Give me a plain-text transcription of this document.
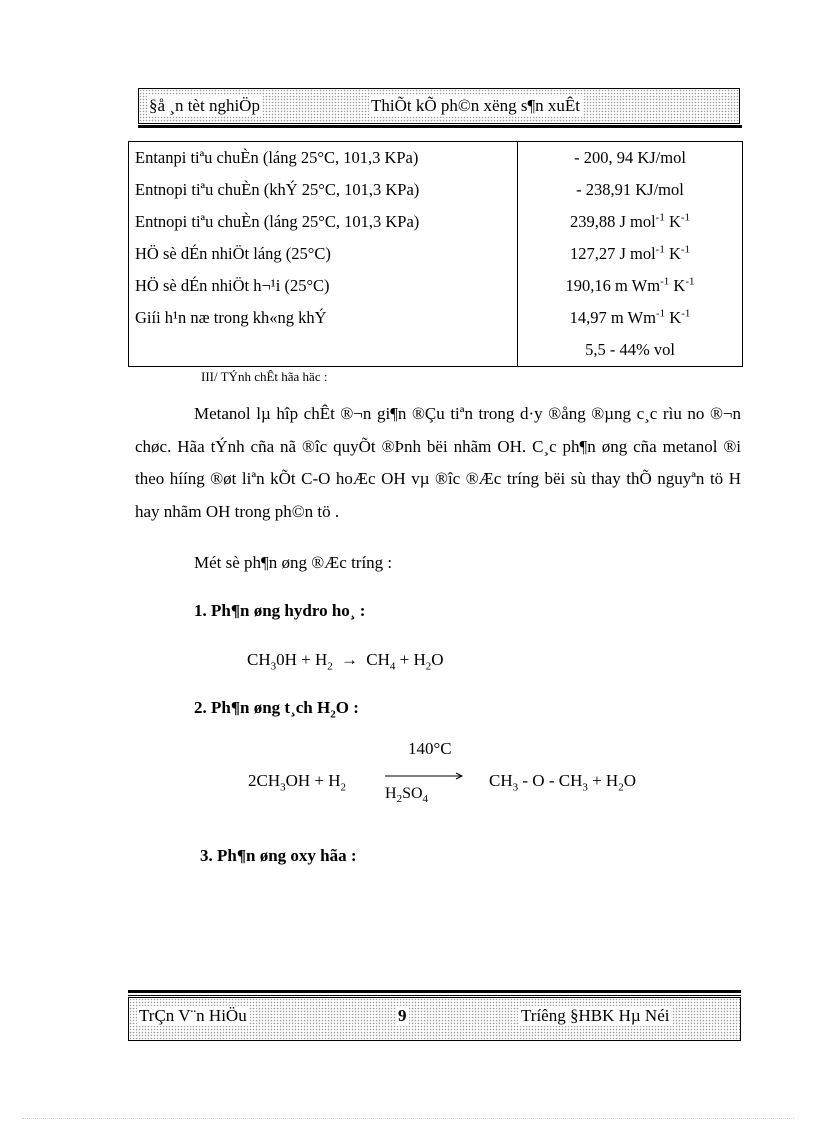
§å ¸n tèt nghiÖp	ThiÕt kÕ ph©n xëng s¶n xuÊt
Entanpi tiªu chuÈn (láng 25°C, 101,3 KPa)	- 200, 94 KJ/mol
Entnopi tiªu chuÈn (khÝ 25°C, 101,3 KPa)	- 238,91 KJ/mol
Entnopi tiªu chuÈn (láng 25°C, 101,3 KPa)	239,88 J mol$^{-1}$ $K^{-1}$
HÖ sè dÉn nhiÖt láng (25°C)	127,27 J mol$^{-1}$ $K^{-1}$
HÖ sè dÉn nhiÖt h¬¹i (25°C)	190,16 m $Wm^{-1}$ $K^{-1}$
Giíi h¹n næ trong kh«ng khÝ	14,97 m $Wm^{-1}$ $K^{-1}$
	5,5 - 44% vol
III/ TÝnh chÊt hãa häc :
Metanol lµ hîp chÊt ®¬n gi¶n ®Çu tiªn trong d·y ®ång ®µng c¸c rìu no ®¬n chøc. Hãa tÝnh cña nã ®îc quyÕt ®Þnh bëi nhãm OH. C¸c ph¶n øng cña metanol ®i theo hííng ®øt liªn kÕt C-O hoÆc OH vµ ®îc ®Æc tríng bëi sù thay thÕ nguyªn tö H hay nhãm OH trong ph©n tö .
Mét sè ph¶n øng ®Æc tríng :
1. Ph¶n øng hydro ho¸ :
$CH_30H + H_2 \to CH_4 + H_2O$
2. Ph¶n øng t¸ch $H_2O$ :
140°C
$H_2SO_4$
$2CH_3OH + H_2$	$CH_3 - O - CH_3 + H_2O$
3. Ph¶n øng oxy hãa :
TrÇn V¨n HiÖu	9	Tríêng §HBK Hµ Néi
